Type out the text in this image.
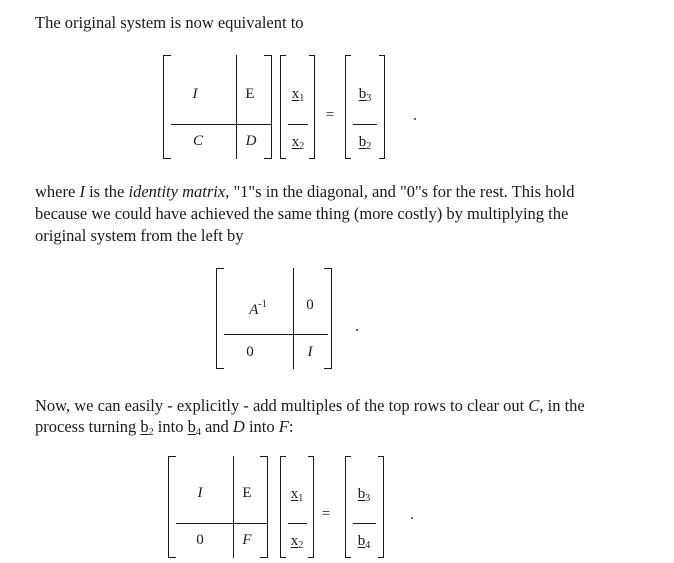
The original system is now equivalent to
I	E
C	D
$x_1$
$x_2$
=
$b_3$
$b_2$
where I is the identity matrix, "1"s in the diagonal, and "0"s for the rest. This hold
because we could have achieved the same thing (more costly) by multiplying the
original system from the left by
$A^{-1}$	0
0	I
Now, we can easily - explicitly - add multiples of the top rows to clear out C, in the
process turning $b_2$ into $b_4$ and D into F:
I	E
0	F
$x_1$
$x_2$
=
$b_3$
$b_4$
